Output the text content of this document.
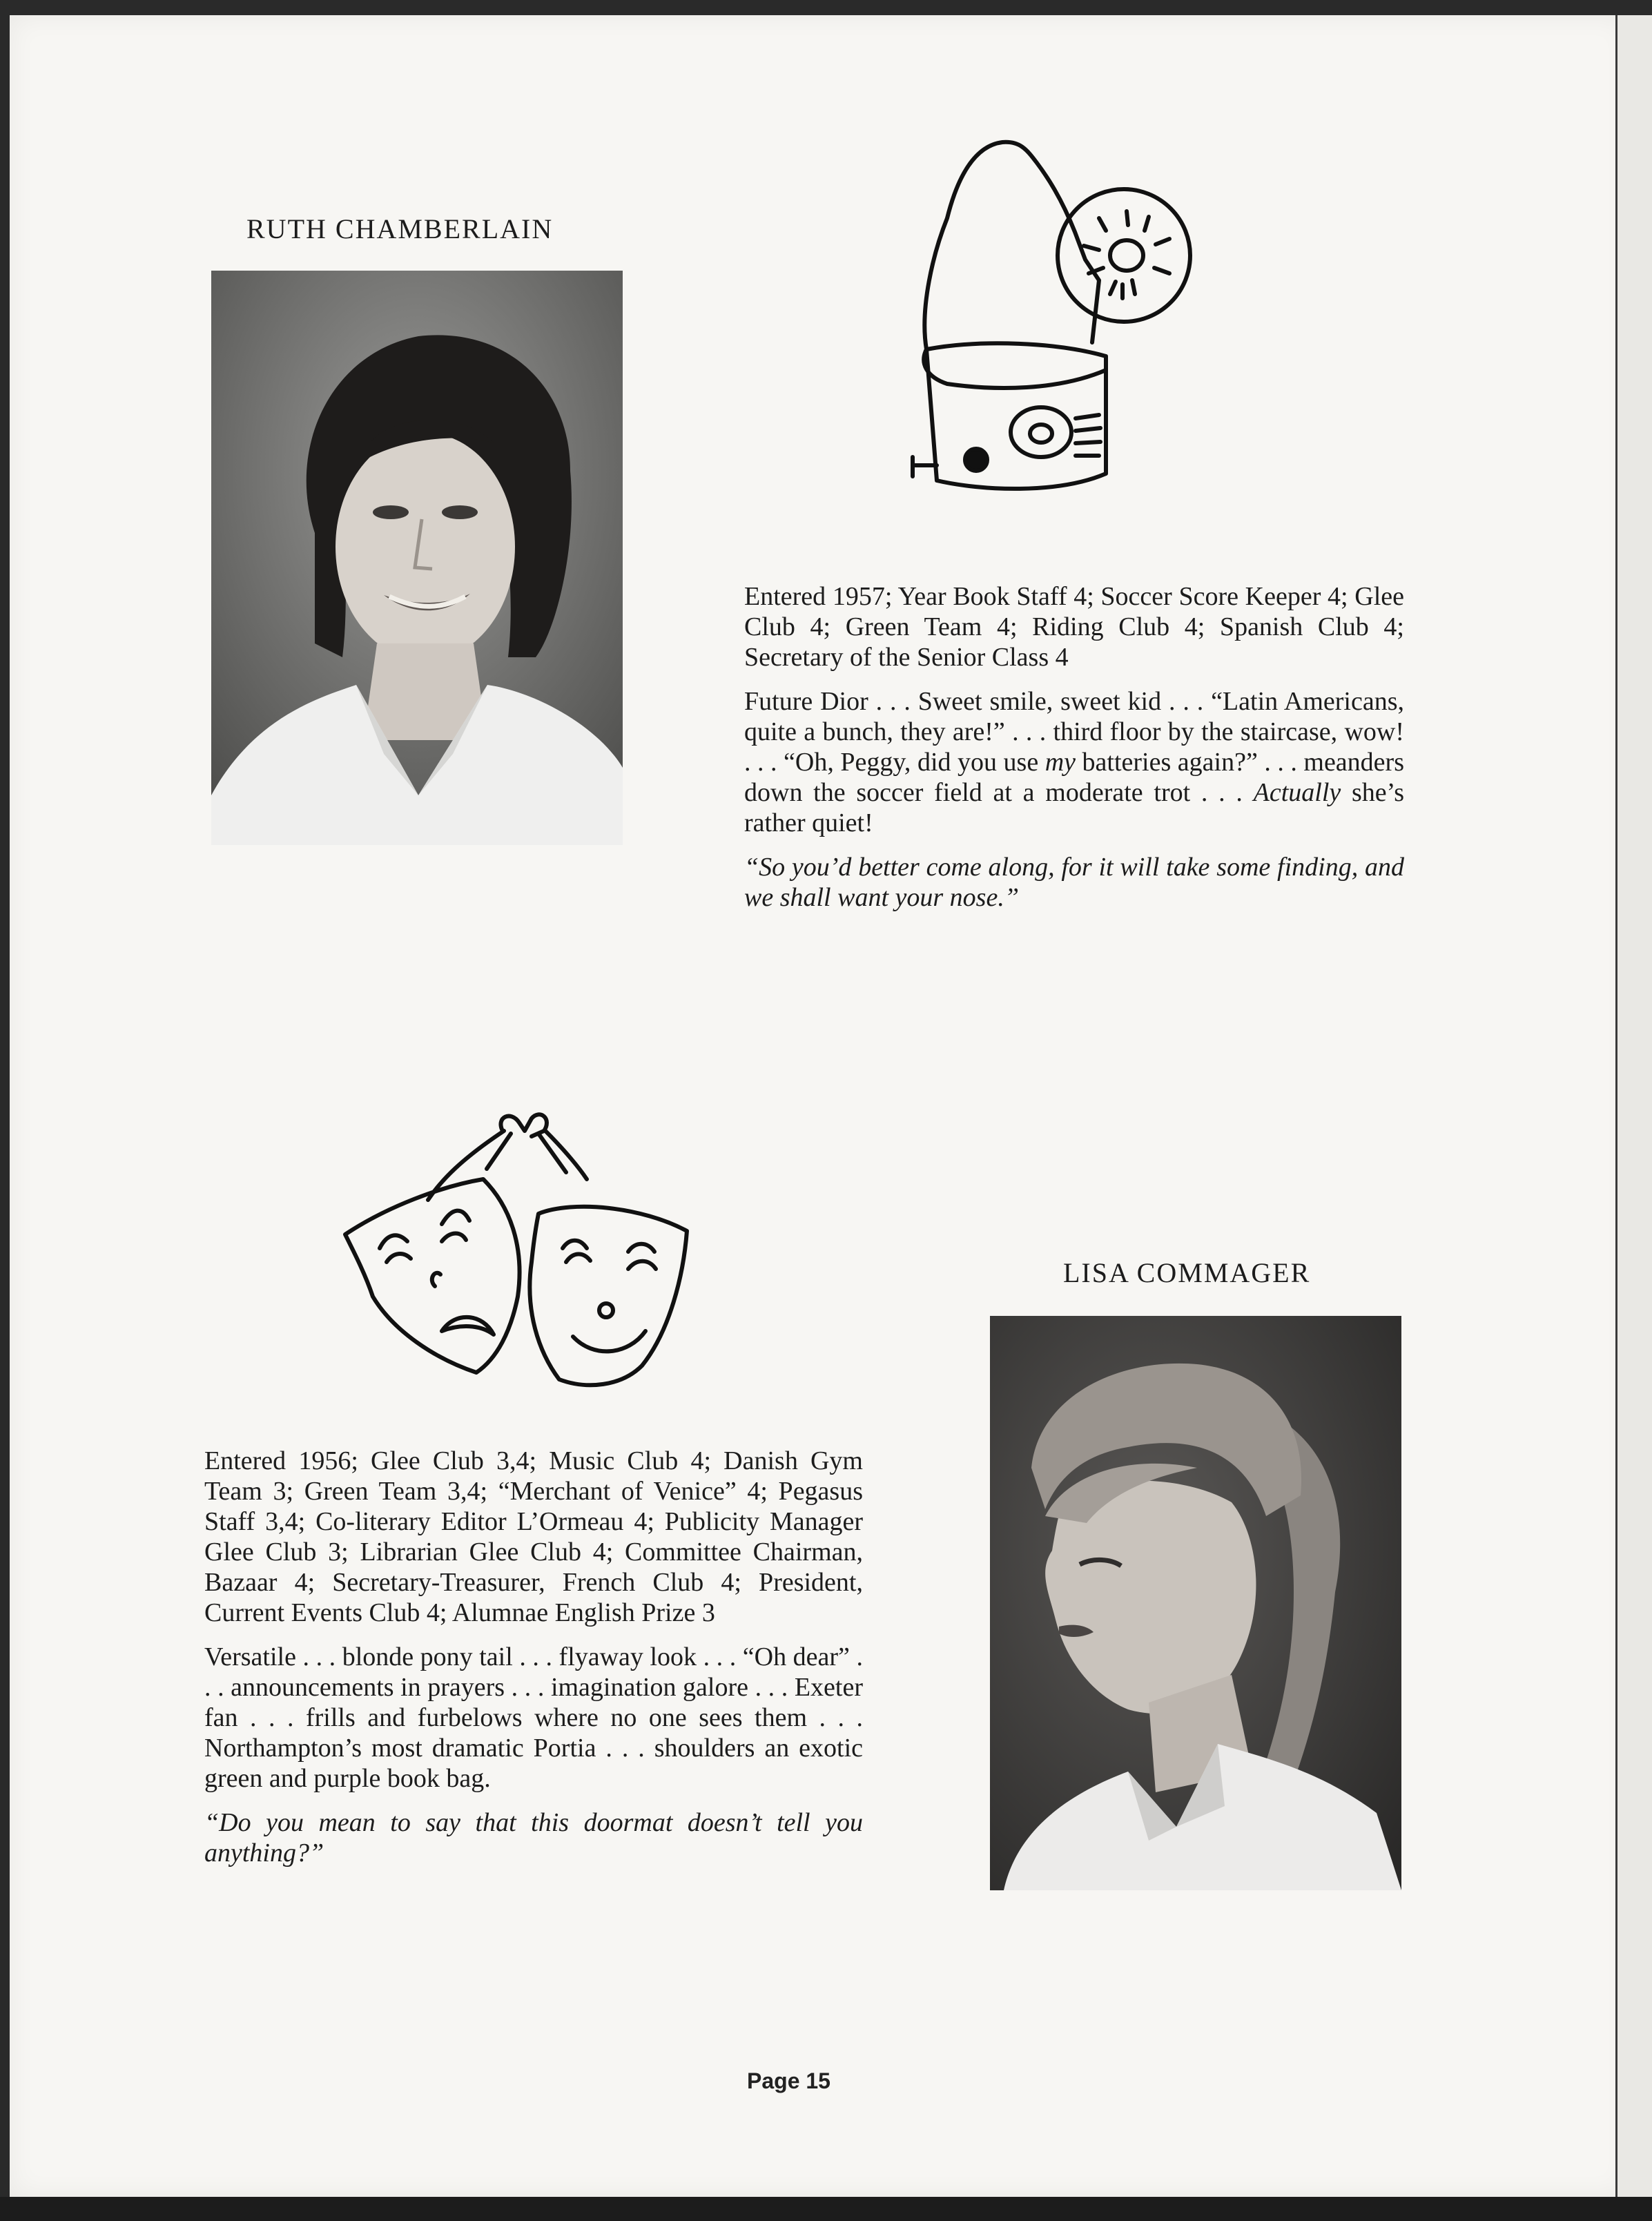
RUTH CHAMBERLAIN

Entered 1957; Year Book Staff 4; Soccer Score Keeper 4; Glee Club 4; Green Team 4; Riding Club 4; Spanish Club 4; Secretary of the Senior Class 4

Future Dior . . . Sweet smile, sweet kid . . . “Latin Americans, quite a bunch, they are!” . . . third floor by the staircase, wow! . . . “Oh, Peggy, did you use my batteries again?” . . . meanders down the soccer field at a moderate trot . . . Actually she’s rather quiet!

“So you’d better come along, for it will take some finding, and we shall want your nose.”

LISA COMMAGER

Entered 1956; Glee Club 3,4; Music Club 4; Danish Gym Team 3; Green Team 3,4; “Merchant of Venice” 4; Pegasus Staff 3,4; Co-literary Editor L’Ormeau 4; Publicity Manager Glee Club 3; Librarian Glee Club 4; Committee Chairman, Bazaar 4; Secretary-Treasurer, French Club 4; President, Current Events Club 4; Alumnae English Prize 3

Versatile . . . blonde pony tail . . . flyaway look . . . “Oh dear” . . . announcements in prayers . . . imagination galore . . . Exeter fan . . . frills and furbelows where no one sees them . . . Northampton’s most dramatic Portia . . . shoulders an exotic green and purple book bag.

“Do you mean to say that this doormat doesn’t tell you anything?”

Page 15
